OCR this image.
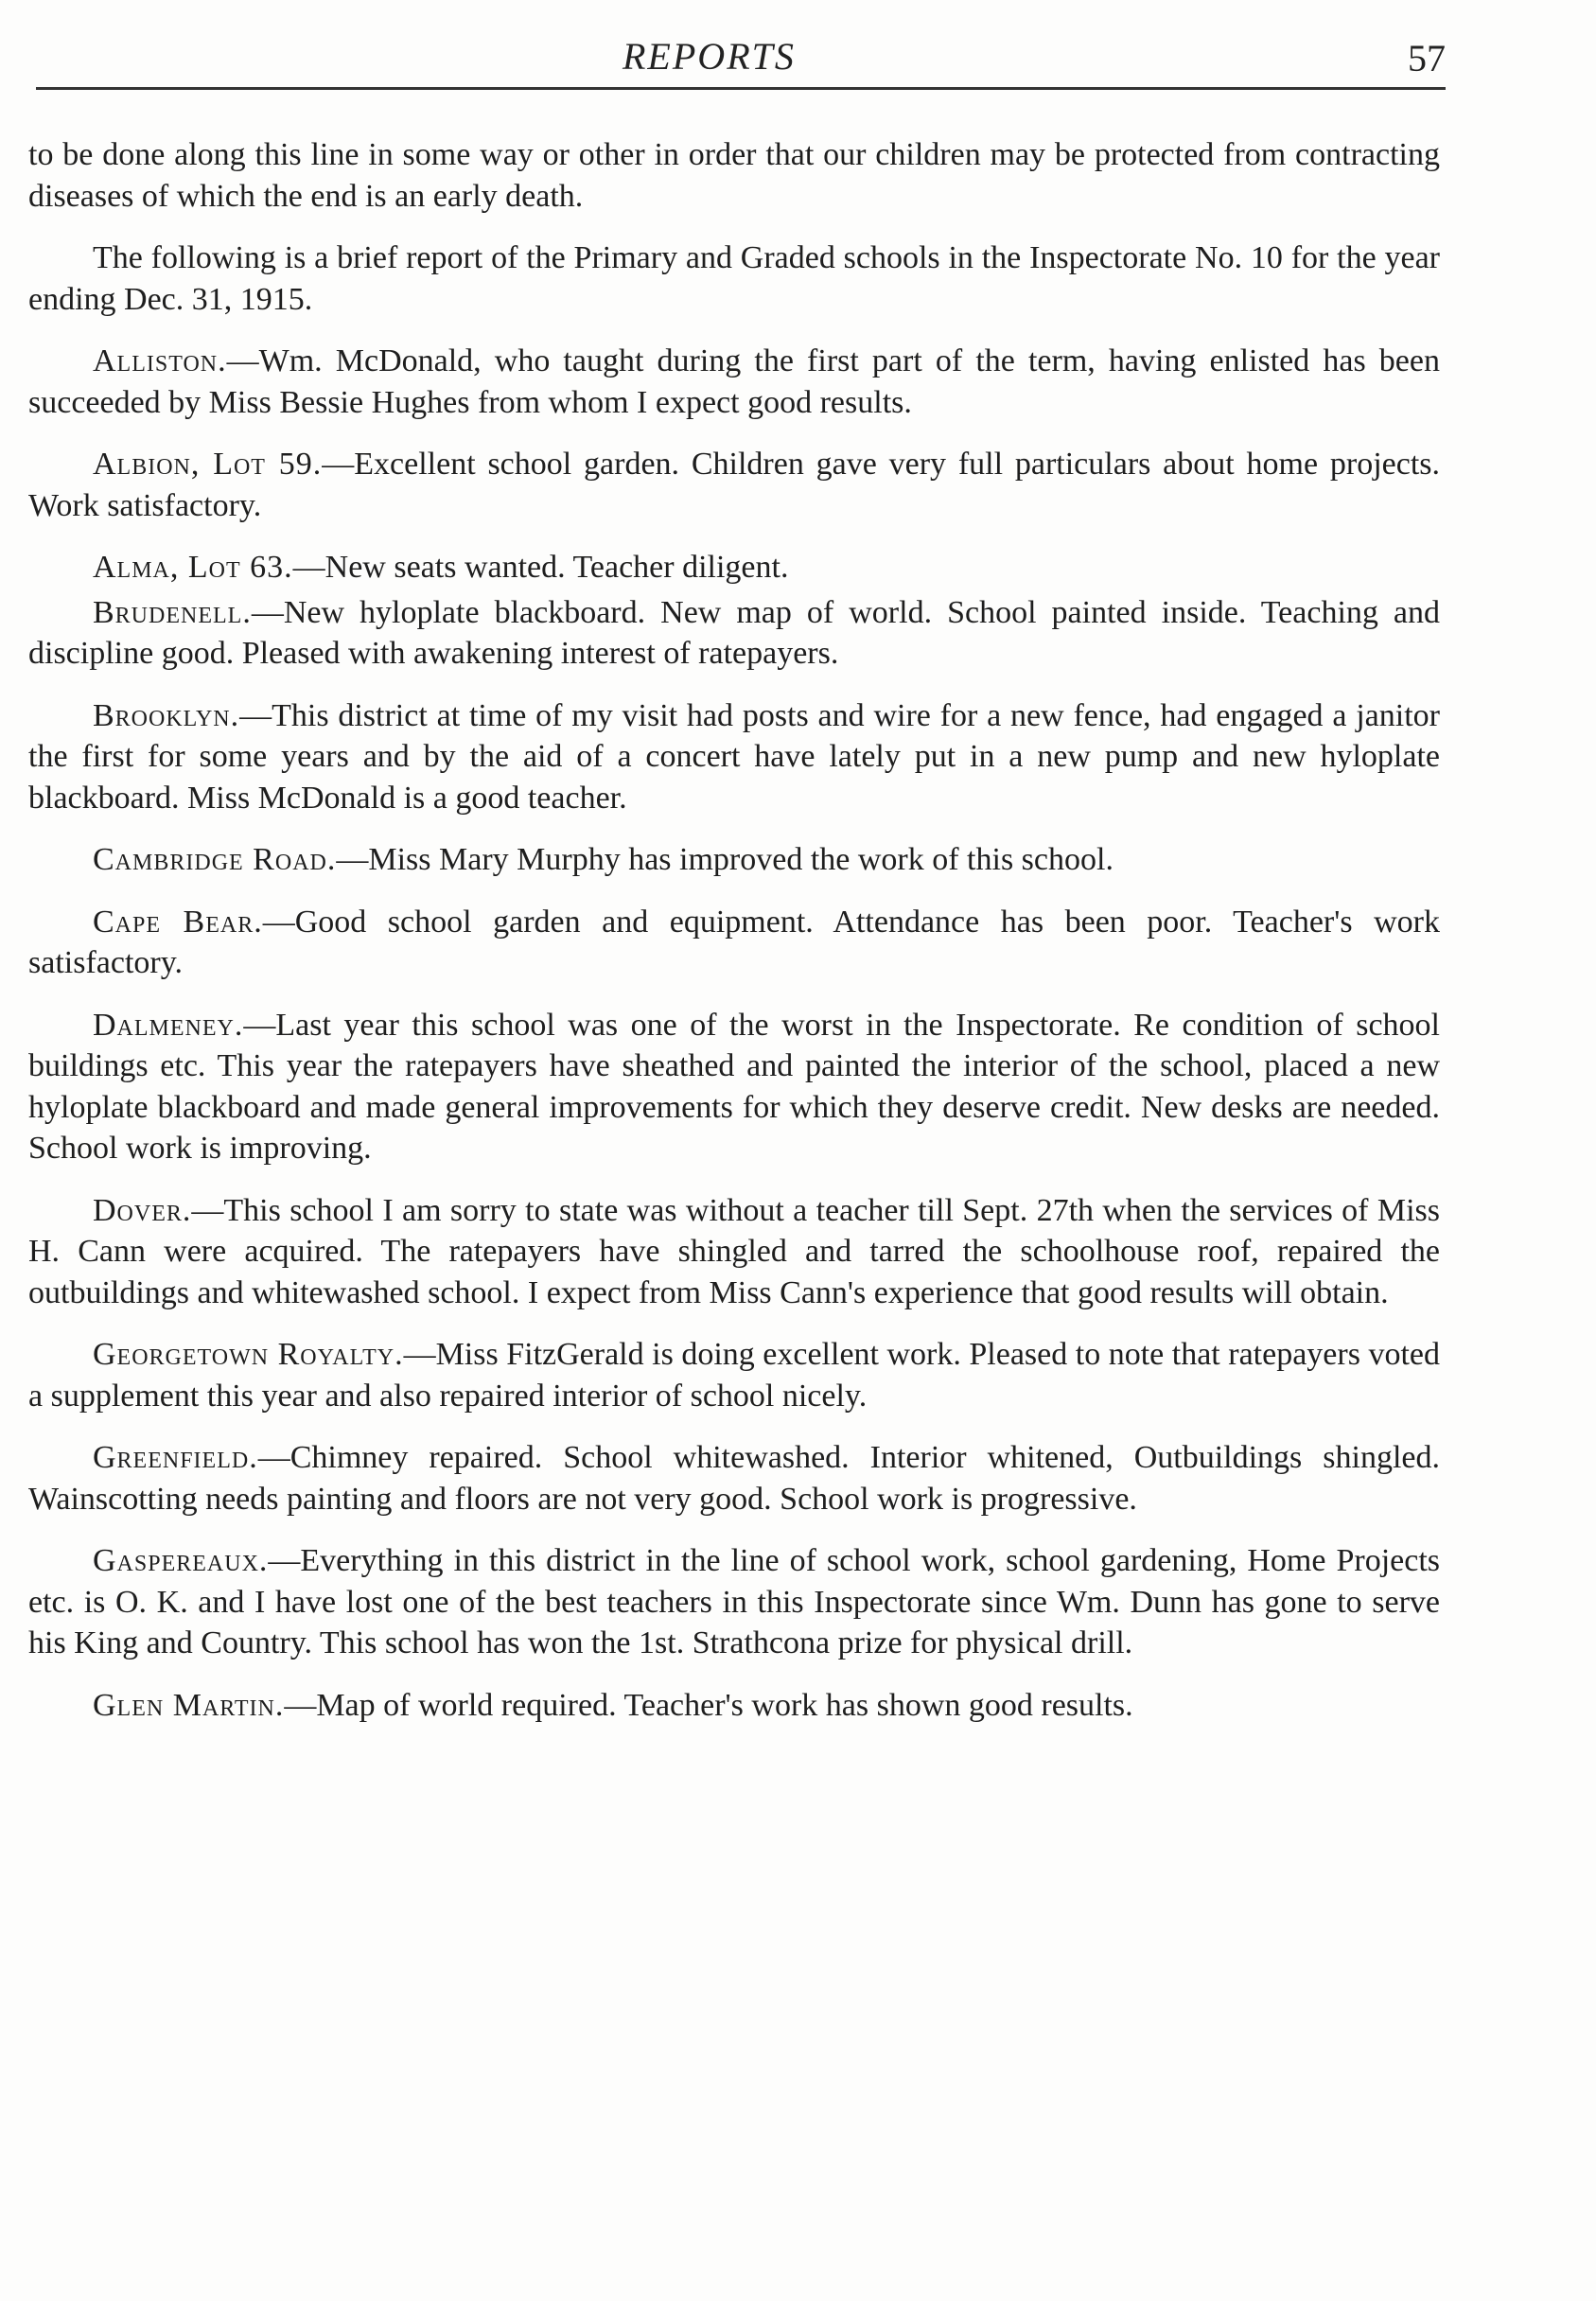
REPORTS	57

to be done along this line in some way or other in order that our children may be protected from contracting diseases of which the end is an early death.

The following is a brief report of the Primary and Graded schools in the Inspectorate No. 10 for the year ending Dec. 31, 1915.

Alliston.—Wm. McDonald, who taught during the first part of the term, having enlisted has been succeeded by Miss Bessie Hughes from whom I expect good results.

Albion, Lot 59.—Excellent school garden. Children gave very full particulars about home projects. Work satisfactory.

Alma, Lot 63.—New seats wanted. Teacher diligent.

Brudenell.—New hyloplate blackboard. New map of world. School painted inside. Teaching and discipline good. Pleased with awakening interest of ratepayers.

Brooklyn.—This district at time of my visit had posts and wire for a new fence, had engaged a janitor the first for some years and by the aid of a concert have lately put in a new pump and new hyloplate blackboard. Miss McDonald is a good teacher.

Cambridge Road.—Miss Mary Murphy has improved the work of this school.

Cape Bear.—Good school garden and equipment. Attendance has been poor. Teacher's work satisfactory.

Dalmeney.—Last year this school was one of the worst in the Inspectorate. Re condition of school buildings etc. This year the ratepayers have sheathed and painted the interior of the school, placed a new hyloplate blackboard and made general improvements for which they deserve credit. New desks are needed. School work is improving.

Dover.—This school I am sorry to state was without a teacher till Sept. 27th when the services of Miss H. Cann were acquired. The ratepayers have shingled and tarred the schoolhouse roof, repaired the outbuildings and whitewashed school. I expect from Miss Cann's experience that good results will obtain.

Georgetown Royalty.—Miss FitzGerald is doing excellent work. Pleased to note that ratepayers voted a supplement this year and also repaired interior of school nicely.

Greenfield.—Chimney repaired. School whitewashed. Interior whitened, Outbuildings shingled. Wainscotting needs painting and floors are not very good. School work is progressive.

Gaspereaux.—Everything in this district in the line of school work, school gardening, Home Projects etc. is O. K. and I have lost one of the best teachers in this Inspectorate since Wm. Dunn has gone to serve his King and Country. This school has won the 1st. Strathcona prize for physical drill.

Glen Martin.—Map of world required. Teacher's work has shown good results.
